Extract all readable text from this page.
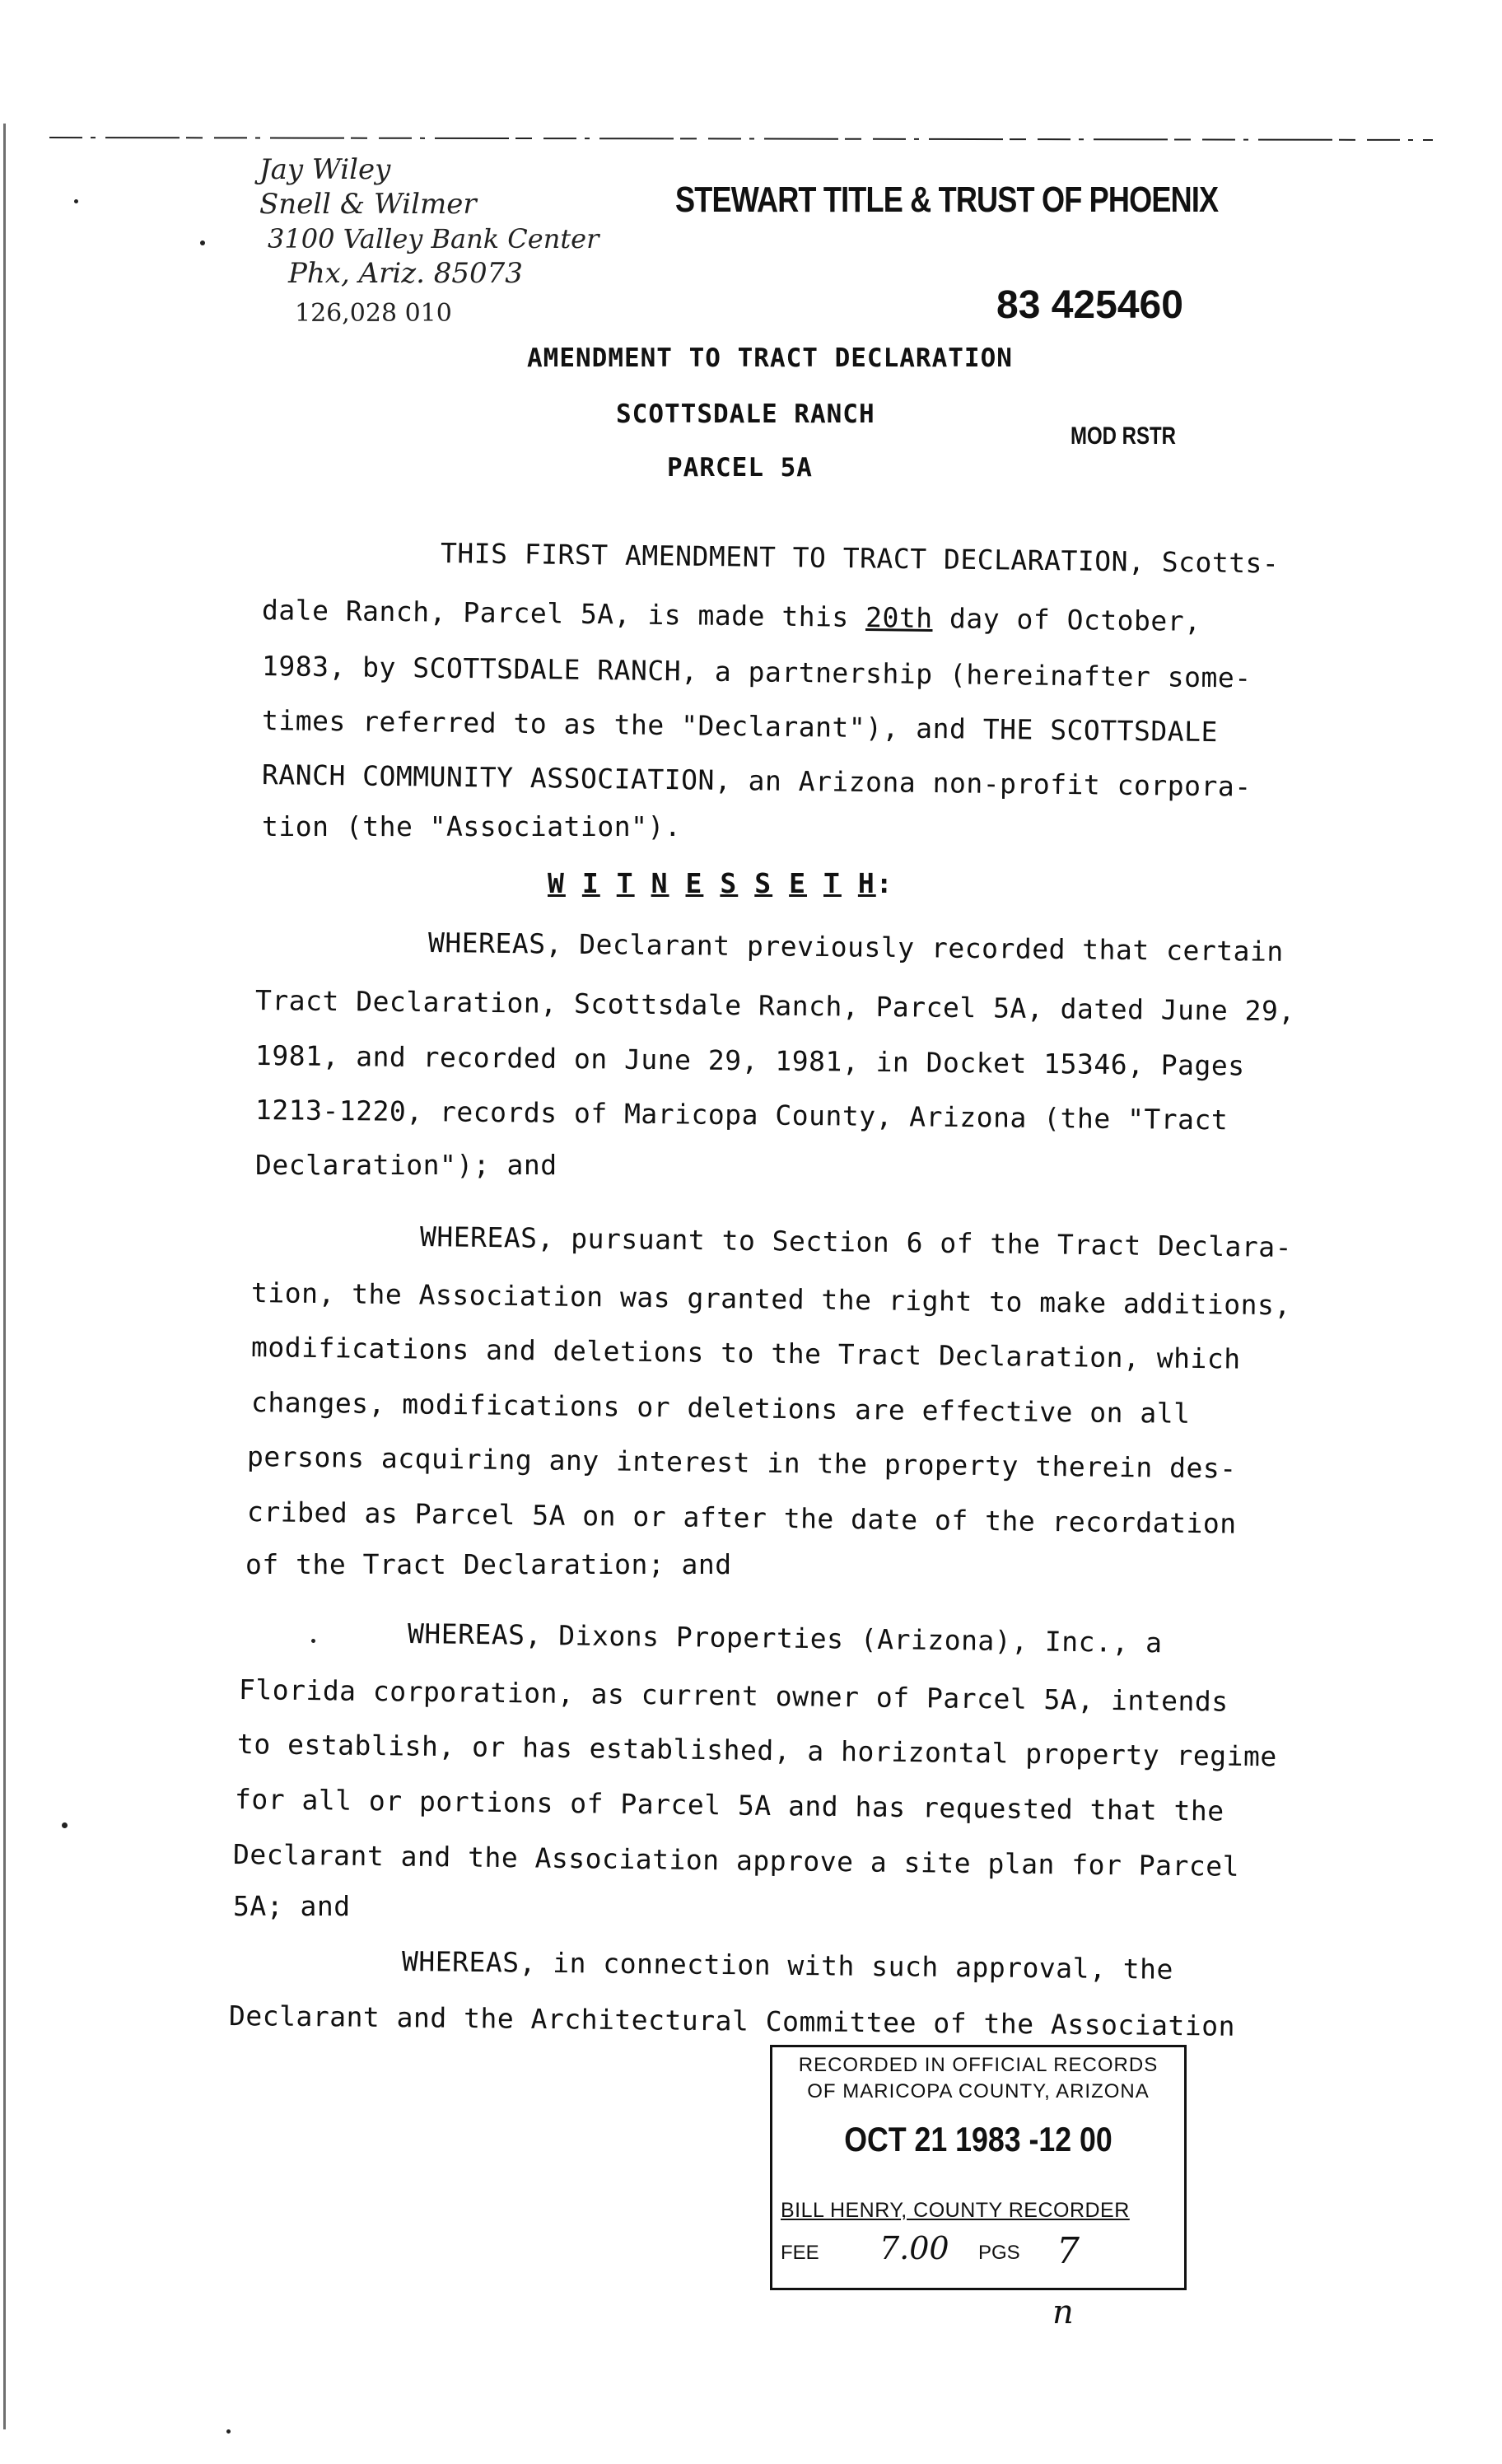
Jay Wiley
Snell & Wilmer
3100 Valley Bank Center
Phx, Ariz. 85073
126,028 010
STEWART TITLE & TRUST OF PHOENIX
83 425460
MOD RSTR
AMENDMENT TO TRACT DECLARATION
SCOTTSDALE RANCH
PARCEL 5A
THIS FIRST AMENDMENT TO TRACT DECLARATION, Scotts-
dale Ranch, Parcel 5A, is made this 20th day of October,
1983, by SCOTTSDALE RANCH, a partnership (hereinafter some-
times referred to as the "Declarant"), and THE SCOTTSDALE
RANCH COMMUNITY ASSOCIATION, an Arizona non-profit corpora-
tion (the "Association").
W I T N E S S E T H:
WHEREAS, Declarant previously recorded that certain
Tract Declaration, Scottsdale Ranch, Parcel 5A, dated June 29,
1981, and recorded on June 29, 1981, in Docket 15346, Pages
1213-1220, records of Maricopa County, Arizona (the "Tract
Declaration"); and
WHEREAS, pursuant to Section 6 of the Tract Declara-
tion, the Association was granted the right to make additions,
modifications and deletions to the Tract Declaration, which
changes, modifications or deletions are effective on all
persons acquiring any interest in the property therein des-
cribed as Parcel 5A on or after the date of the recordation
of the Tract Declaration; and
WHEREAS, Dixons Properties (Arizona), Inc., a
Florida corporation, as current owner of Parcel 5A, intends
to establish, or has established, a horizontal property regime
for all or portions of Parcel 5A and has requested that the
Declarant and the Association approve a site plan for Parcel
5A; and
WHEREAS, in connection with such approval, the
Declarant and the Architectural Committee of the Association
RECORDED IN OFFICIAL RECORDS
OF MARICOPA COUNTY, ARIZONA
OCT 21 1983 -12 00
BILL HENRY, COUNTY RECORDER
FEE 7.00 PGS 7
n
